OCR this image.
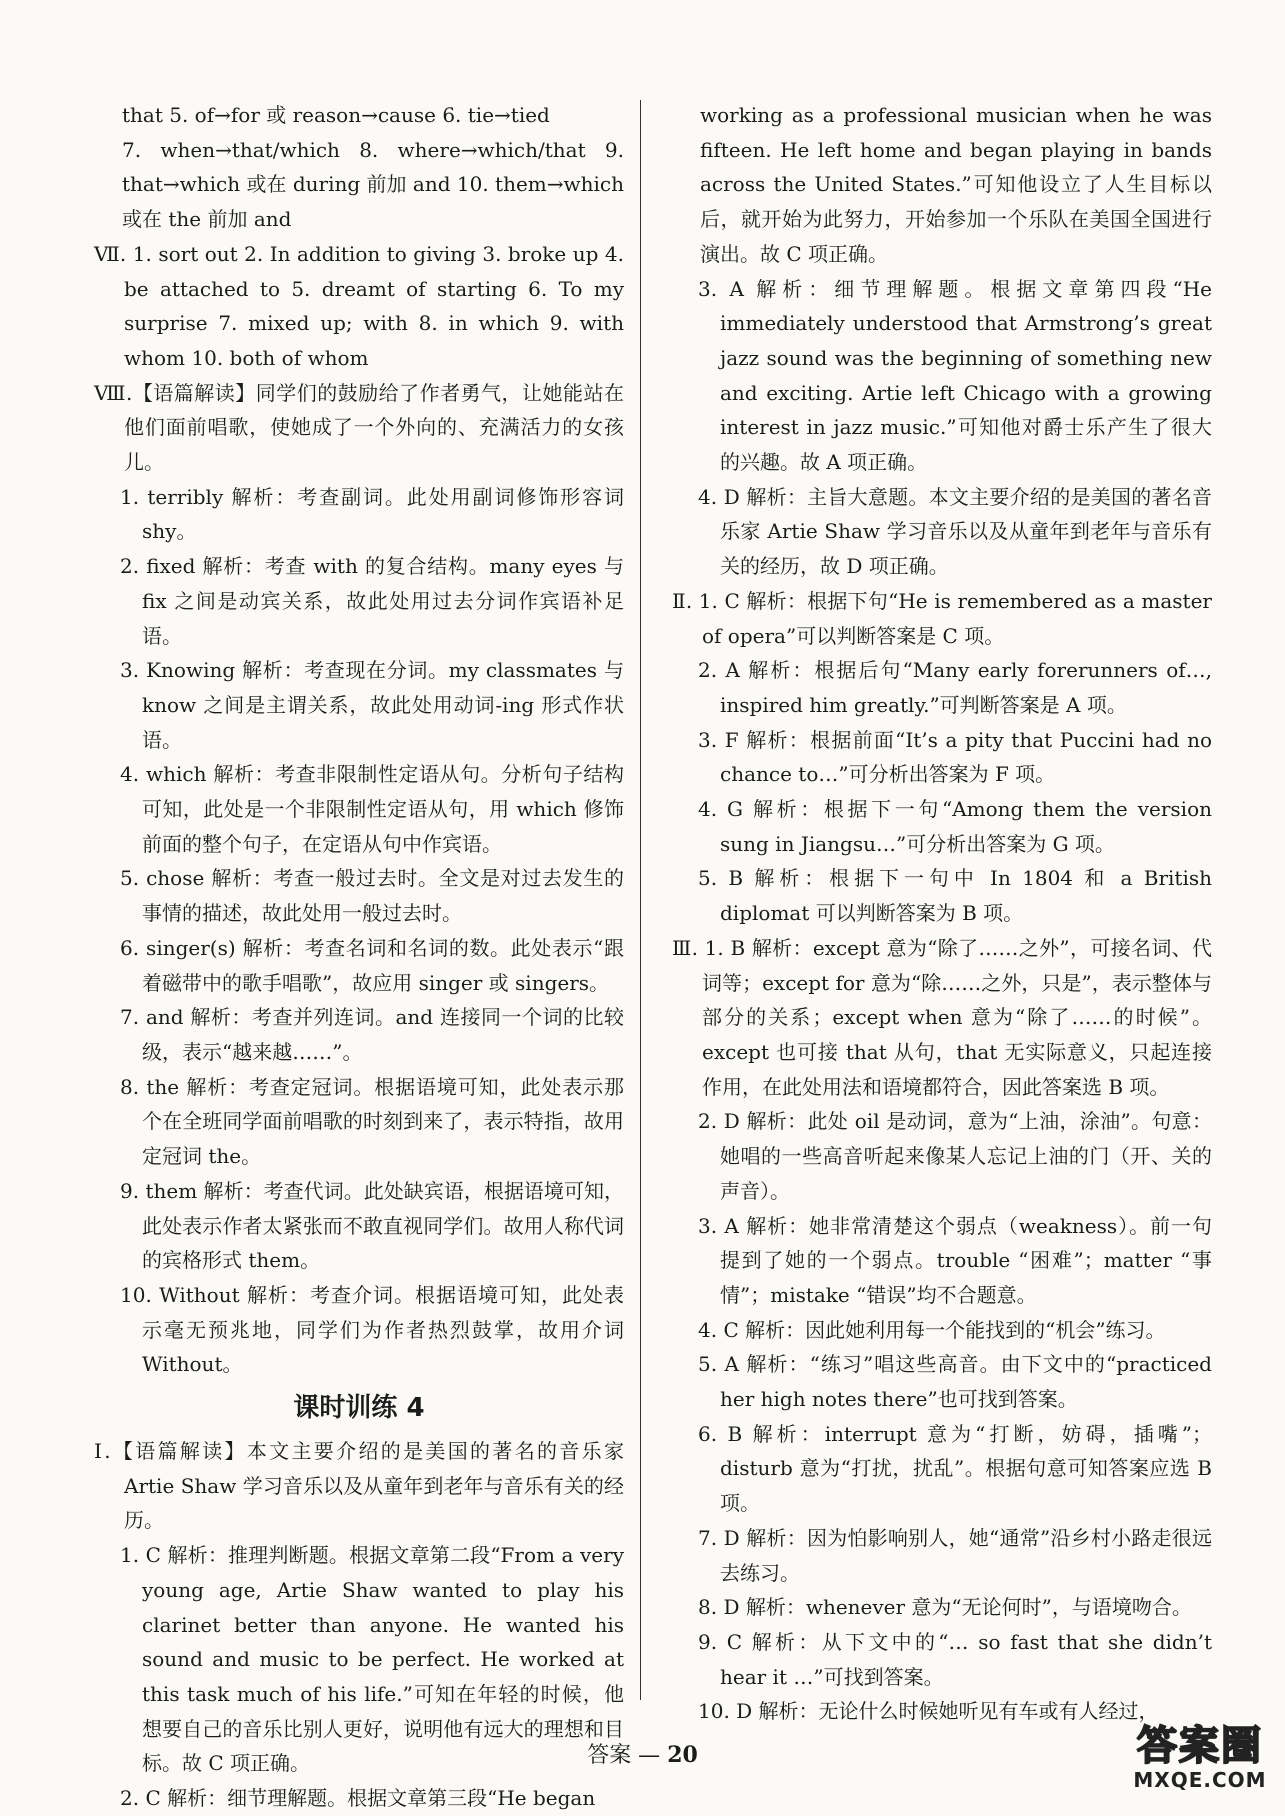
that 5. of→for 或 reason→cause 6. tie→tied

7. when→that/which 8. where→which/that 9. that→which 或在 during 前加 and 10. them→which 或在 the 前加 and

Ⅶ. 1. sort out 2. In addition to giving 3. broke up 4. be attached to 5. dreamt of starting 6. To my surprise 7. mixed up; with 8. in which 9. with whom 10. both of whom

Ⅷ.【语篇解读】同学们的鼓励给了作者勇气，让她能站在他们面前唱歌，使她成了一个外向的、充满活力的女孩儿。

1. terribly 解析：考查副词。此处用副词修饰形容词 shy。

2. fixed 解析：考查 with 的复合结构。many eyes 与 fix 之间是动宾关系，故此处用过去分词作宾语补足语。

3. Knowing 解析：考查现在分词。my classmates 与 know 之间是主谓关系，故此处用动词-ing 形式作状语。

4. which 解析：考查非限制性定语从句。分析句子结构可知，此处是一个非限制性定语从句，用 which 修饰前面的整个句子，在定语从句中作宾语。

5. chose 解析：考查一般过去时。全文是对过去发生的事情的描述，故此处用一般过去时。

6. singer(s) 解析：考查名词和名词的数。此处表示“跟着磁带中的歌手唱歌”，故应用 singer 或 singers。

7. and 解析：考查并列连词。and 连接同一个词的比较级，表示“越来越……”。

8. the 解析：考查定冠词。根据语境可知，此处表示那个在全班同学面前唱歌的时刻到来了，表示特指，故用定冠词 the。

9. them 解析：考查代词。此处缺宾语，根据语境可知，此处表示作者太紧张而不敢直视同学们。故用人称代词的宾格形式 them。

10. Without 解析：考查介词。根据语境可知，此处表示毫无预兆地，同学们为作者热烈鼓掌，故用介词 Without。

课时训练 4

Ⅰ.【语篇解读】本文主要介绍的是美国的著名的音乐家 Artie Shaw 学习音乐以及从童年到老年与音乐有关的经历。

1. C 解析：推理判断题。根据文章第二段“From a very young age, Artie Shaw wanted to play his clarinet better than anyone. He wanted his sound and music to be perfect. He worked at this task much of his life.”可知在年轻的时候，他想要自己的音乐比别人更好，说明他有远大的理想和目标。故 C 项正确。

2. C 解析：细节理解题。根据文章第三段“He began

working as a professional musician when he was fifteen. He left home and began playing in bands across the United States.”可知他设立了人生目标以后，就开始为此努力，开始参加一个乐队在美国全国进行演出。故 C 项正确。

3. A 解析：细节理解题。根据文章第四段“He immediately understood that Armstrong’s great jazz sound was the beginning of something new and exciting. Artie left Chicago with a growing interest in jazz music.”可知他对爵士乐产生了很大的兴趣。故 A 项正确。

4. D 解析：主旨大意题。本文主要介绍的是美国的著名音乐家 Artie Shaw 学习音乐以及从童年到老年与音乐有关的经历，故 D 项正确。

Ⅱ. 1. C 解析：根据下句“He is remembered as a master of opera”可以判断答案是 C 项。

2. A 解析：根据后句“Many early forerunners of…, inspired him greatly.”可判断答案是 A 项。

3. F 解析：根据前面“It’s a pity that Puccini had no chance to…”可分析出答案为 F 项。

4. G 解析：根据下一句“Among them the version sung in Jiangsu…”可分析出答案为 G 项。

5. B 解析：根据下一句中 In 1804 和 a British diplomat 可以判断答案为 B 项。

Ⅲ. 1. B 解析：except 意为“除了……之外”，可接名词、代词等；except for 意为“除……之外，只是”，表示整体与部分的关系；except when 意为“除了……的时候”。except 也可接 that 从句，that 无实际意义，只起连接作用，在此处用法和语境都符合，因此答案选 B 项。

2. D 解析：此处 oil 是动词，意为“上油，涂油”。句意：她唱的一些高音听起来像某人忘记上油的门（开、关的声音）。

3. A 解析：她非常清楚这个弱点（weakness）。前一句提到了她的一个弱点。trouble “困难”；matter “事情”；mistake “错误”均不合题意。

4. C 解析：因此她利用每一个能找到的“机会”练习。

5. A 解析：“练习”唱这些高音。由下文中的“practiced her high notes there”也可找到答案。

6. B 解析：interrupt 意为“打断，妨碍，插嘴”；disturb 意为“打扰，扰乱”。根据句意可知答案应选 B 项。

7. D 解析：因为怕影响别人，她“通常”沿乡村小路走很远去练习。

8. D 解析：whenever 意为“无论何时”，与语境吻合。

9. C 解析：从下文中的“… so fast that she didn’t hear it …”可找到答案。

10. D 解析：无论什么时候她听见有车或有人经过，

答案 — 20	答案圈
MXQE.COM
